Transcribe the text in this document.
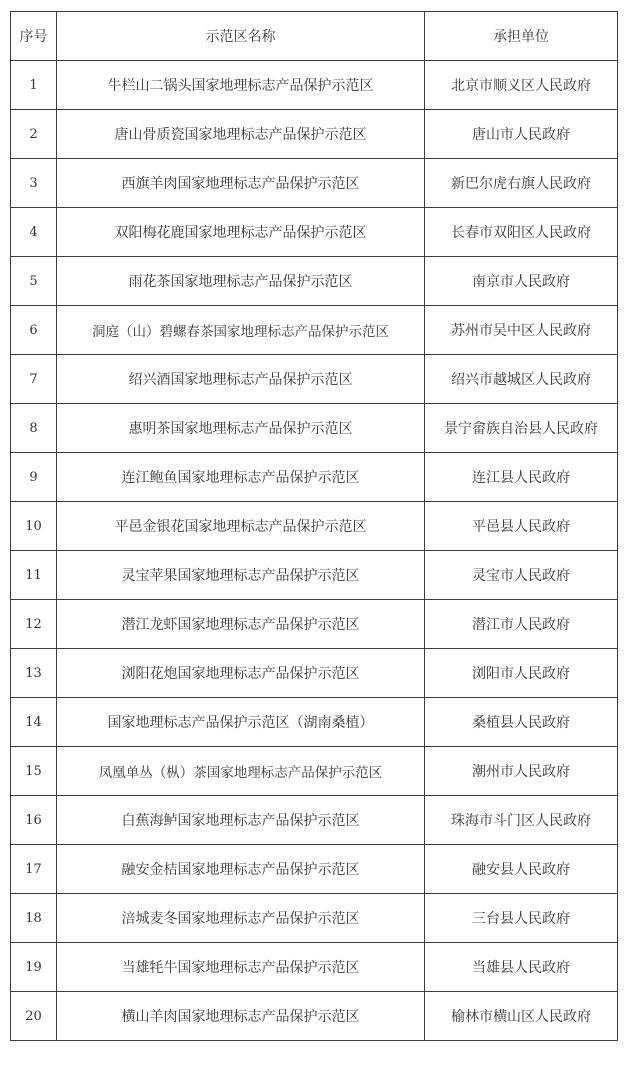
序号	示范区名称	承担单位
1	牛栏山二锅头国家地理标志产品保护示范区	北京市顺义区人民政府
2	唐山骨质瓷国家地理标志产品保护示范区	唐山市人民政府
3	西旗羊肉国家地理标志产品保护示范区	新巴尔虎右旗人民政府
4	双阳梅花鹿国家地理标志产品保护示范区	长春市双阳区人民政府
5	雨花茶国家地理标志产品保护示范区	南京市人民政府
6	洞庭（山）碧螺春茶国家地理标志产品保护示范区	苏州市吴中区人民政府
7	绍兴酒国家地理标志产品保护示范区	绍兴市越城区人民政府
8	惠明茶国家地理标志产品保护示范区	景宁畲族自治县人民政府
9	连江鲍鱼国家地理标志产品保护示范区	连江县人民政府
10	平邑金银花国家地理标志产品保护示范区	平邑县人民政府
11	灵宝苹果国家地理标志产品保护示范区	灵宝市人民政府
12	潜江龙虾国家地理标志产品保护示范区	潜江市人民政府
13	浏阳花炮国家地理标志产品保护示范区	浏阳市人民政府
14	国家地理标志产品保护示范区（湖南桑植）	桑植县人民政府
15	凤凰单丛（枞）茶国家地理标志产品保护示范区	潮州市人民政府
16	白蕉海鲈国家地理标志产品保护示范区	珠海市斗门区人民政府
17	融安金桔国家地理标志产品保护示范区	融安县人民政府
18	涪城麦冬国家地理标志产品保护示范区	三台县人民政府
19	当雄牦牛国家地理标志产品保护示范区	当雄县人民政府
20	横山羊肉国家地理标志产品保护示范区	榆林市横山区人民政府
